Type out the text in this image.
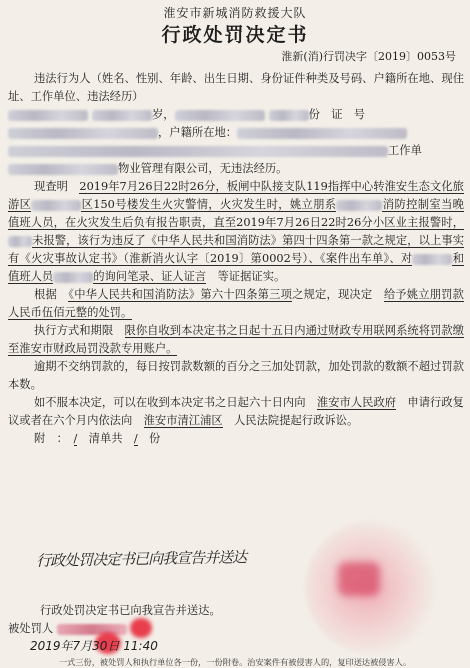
淮安市新城消防救援大队
行政处罚决定书
淮新(消)行罚决字〔2019〕0053号

违法行为人（姓名、性别、年龄、出生日期、身份证件种类及号码、户籍所在地、现住址、工作单位、违法经历）

岁，	份　证　号
，户籍所在地：
工作单
物业管理有限公司，无违法经历。

现查明　 2019年7月26日22时26分，板闸中队接支队119指挥中心转淮安生态文化旅游区	区150号楼发生火灾警情，火灾发生时，姚立朋系	消防控制室当晚值班人员，在火灾发生后负有报告职责，直至2019年7月26日22时26分小区业主报警时，未报警，该行为违反了《中华人民共和国消防法》第四十四条第一款之规定，以上事实有《火灾事故认定书》（淮新消火认字〔2019〕第0002号）、《案件出车单》、对	和值班人员	的询问笔录、证人证言　 等证据证实。

根据　 《中华人民共和国消防法》第六十四条第三项之规定，现决定　 给予姚立朋罚款人民币伍佰元整的处罚。

执行方式和期限　 限你自收到本决定书之日起十五日内通过财政专用联网系统将罚款缴至淮安市财政局罚没款专用账户。

逾期不交纳罚款的，每日按罚款数额的百分之三加处罚款，加处罚款的数额不超过罚款本数。

如不服本决定，可以在收到本决定书之日起六十日内向　 淮安市人民政府　 申请行政复议或者在六个月内依法向　 淮安市清江浦区　 人民法院提起行政诉讼。

附　：　 /　 清单共　 /　 份

行政处罚决定书已向我宣告并送达
行政处罚决定书已向我宣告并送达。
被处罚人
2019年7月30日 11:40
一式三份，被处罚人和执行单位各一份，一份附卷。治安案件有被侵害人的，复印送达被侵害人。
